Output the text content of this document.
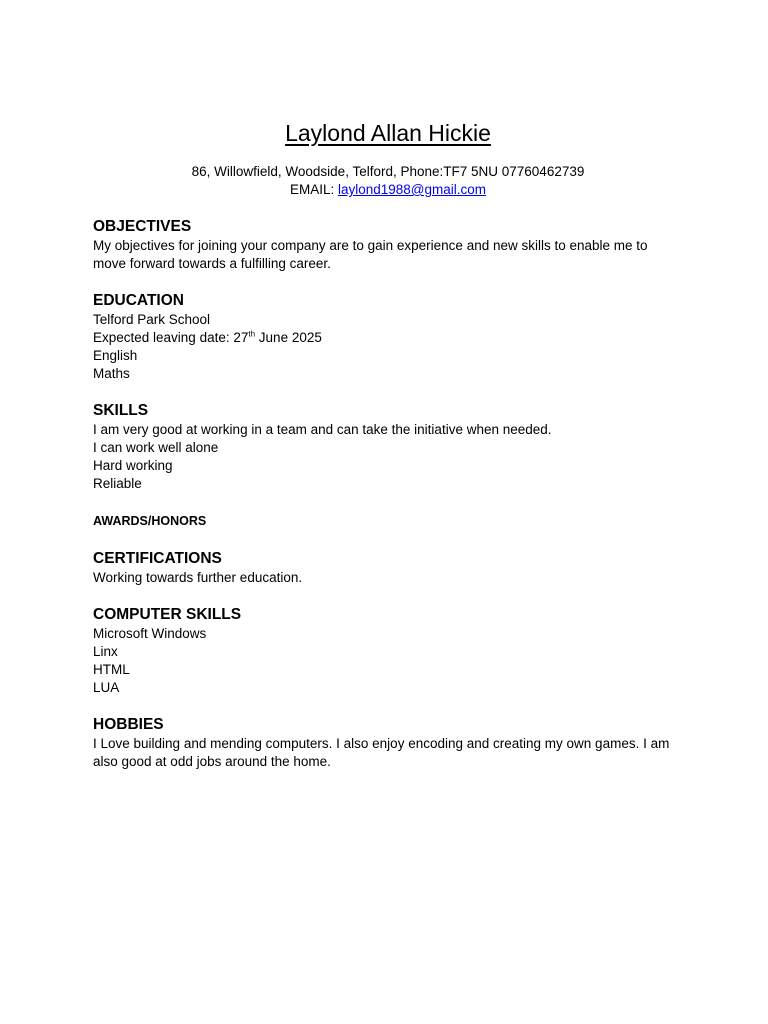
Laylond Allan Hickie
86, Willowfield, Woodside, Telford, Phone:TF7 5NU 07760462739
EMAIL: laylond1988@gmail.com
OBJECTIVES

My objectives for joining your company are to gain experience and new skills to enable me to move forward towards a fulfilling career.

EDUCATION
Telford Park School
Expected leaving date: 27th June 2025
English
Maths
SKILLS
I am very good at working in a team and can take the initiative when needed.
I can work well alone
Hard working
Reliable
AWARDS/HONORS
CERTIFICATIONS

Working towards further education.

COMPUTER SKILLS
Microsoft Windows
Linx
HTML
LUA
HOBBIES

I Love building and mending computers. I also enjoy encoding and creating my own games. I am also good at odd jobs around the home.
